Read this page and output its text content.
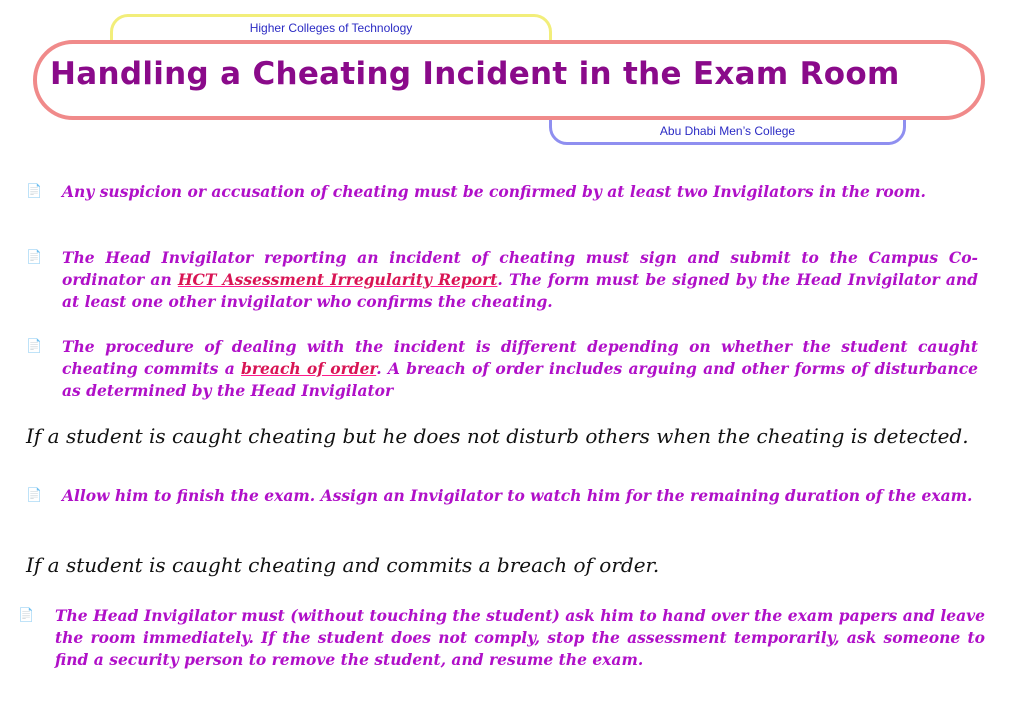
Higher Colleges of Technology
Abu Dhabi Men’s College
Handling a Cheating Incident in the Exam Room
📄 Any suspicion or accusation of cheating must be confirmed by at least two Invigilators in the room.
📄 The Head Invigilator reporting an incident of cheating must sign and submit to the Campus Co-ordinator an HCT Assessment Irregularity Report. The form must be signed by the Head Invigilator and at least one other invigilator who confirms the cheating.
📄 The procedure of dealing with the incident is different depending on whether the student caught cheating commits a breach of order. A breach of order includes arguing and other forms of disturbance as determined by the Head Invigilator
If a student is caught cheating but he does not disturb others when the cheating is detected.
📄 Allow him to finish the exam. Assign an Invigilator to watch him for the remaining duration of the exam.
If a student is caught cheating and commits a breach of order.
📄 The Head Invigilator must (without touching the student) ask him to hand over the exam papers and leave the room immediately. If the student does not comply, stop the assessment temporarily, ask someone to find a security person to remove the student, and resume the exam.
